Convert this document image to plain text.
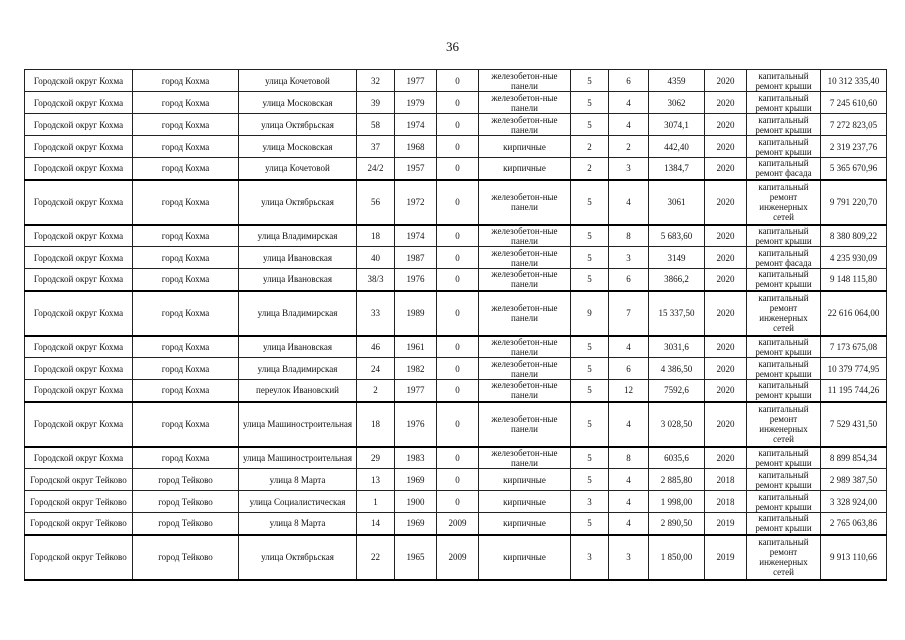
36
Городской округ Кохма	город Кохма	улица Кочетовой	32	1977	0	железобетон-ные панели	5	6	4359	2020	капитальный ремонт крыши	10 312 335,40
Городской округ Кохма	город Кохма	улица Московская	39	1979	0	железобетон-ные панели	5	4	3062	2020	капитальный ремонт крыши	7 245 610,60
Городской округ Кохма	город Кохма	улица Октябрьская	58	1974	0	железобетон-ные панели	5	4	3074,1	2020	капитальный ремонт крыши	7 272 823,05
Городской округ Кохма	город Кохма	улица Московская	37	1968	0	кирпичные	2	2	442,40	2020	капитальный ремонт крыши	2 319 237,76
Городской округ Кохма	город Кохма	улица Кочетовой	24/2	1957	0	кирпичные	2	3	1384,7	2020	капитальный ремонт фасада	5 365 670,96
Городской округ Кохма	город Кохма	улица Октябрьская	56	1972	0	железобетон-ные панели	5	4	3061	2020	капитальный ремонт инженерных сетей	9 791 220,70
Городской округ Кохма	город Кохма	улица Владимирская	18	1974	0	железобетон-ные панели	5	8	5 683,60	2020	капитальный ремонт крыши	8 380 809,22
Городской округ Кохма	город Кохма	улица Ивановская	40	1987	0	железобетон-ные панели	5	3	3149	2020	капитальный ремонт фасада	4 235 930,09
Городской округ Кохма	город Кохма	улица Ивановская	38/3	1976	0	железобетон-ные панели	5	6	3866,2	2020	капитальный ремонт крыши	9 148 115,80
Городской округ Кохма	город Кохма	улица Владимирская	33	1989	0	железобетон-ные панели	9	7	15 337,50	2020	капитальный ремонт инженерных сетей	22 616 064,00
Городской округ Кохма	город Кохма	улица Ивановская	46	1961	0	железобетон-ные панели	5	4	3031,6	2020	капитальный ремонт крыши	7 173 675,08
Городской округ Кохма	город Кохма	улица Владимирская	24	1982	0	железобетон-ные панели	5	6	4 386,50	2020	капитальный ремонт крыши	10 379 774,95
Городской округ Кохма	город Кохма	переулок Ивановский	2	1977	0	железобетон-ные панели	5	12	7592,6	2020	капитальный ремонт крыши	11 195 744,26
Городской округ Кохма	город Кохма	улица Машиностроительная	18	1976	0	железобетон-ные панели	5	4	3 028,50	2020	капитальный ремонт инженерных сетей	7 529 431,50
Городской округ Кохма	город Кохма	улица Машиностроительная	29	1983	0	железобетон-ные панели	5	8	6035,6	2020	капитальный ремонт крыши	8 899 854,34
Городской округ Тейково	город Тейково	улица 8 Марта	13	1969	0	кирпичные	5	4	2 885,80	2018	капитальный ремонт крыши	2 989 387,50
Городской округ Тейково	город Тейково	улица Социалистическая	1	1900	0	кирпичные	3	4	1 998,00	2018	капитальный ремонт крыши	3 328 924,00
Городской округ Тейково	город Тейково	улица 8 Марта	14	1969	2009	кирпичные	5	4	2 890,50	2019	капитальный ремонт крыши	2 765 063,86
Городской округ Тейково	город Тейково	улица Октябрьская	22	1965	2009	кирпичные	3	3	1 850,00	2019	капитальный ремонт инженерных сетей	9 913 110,66
